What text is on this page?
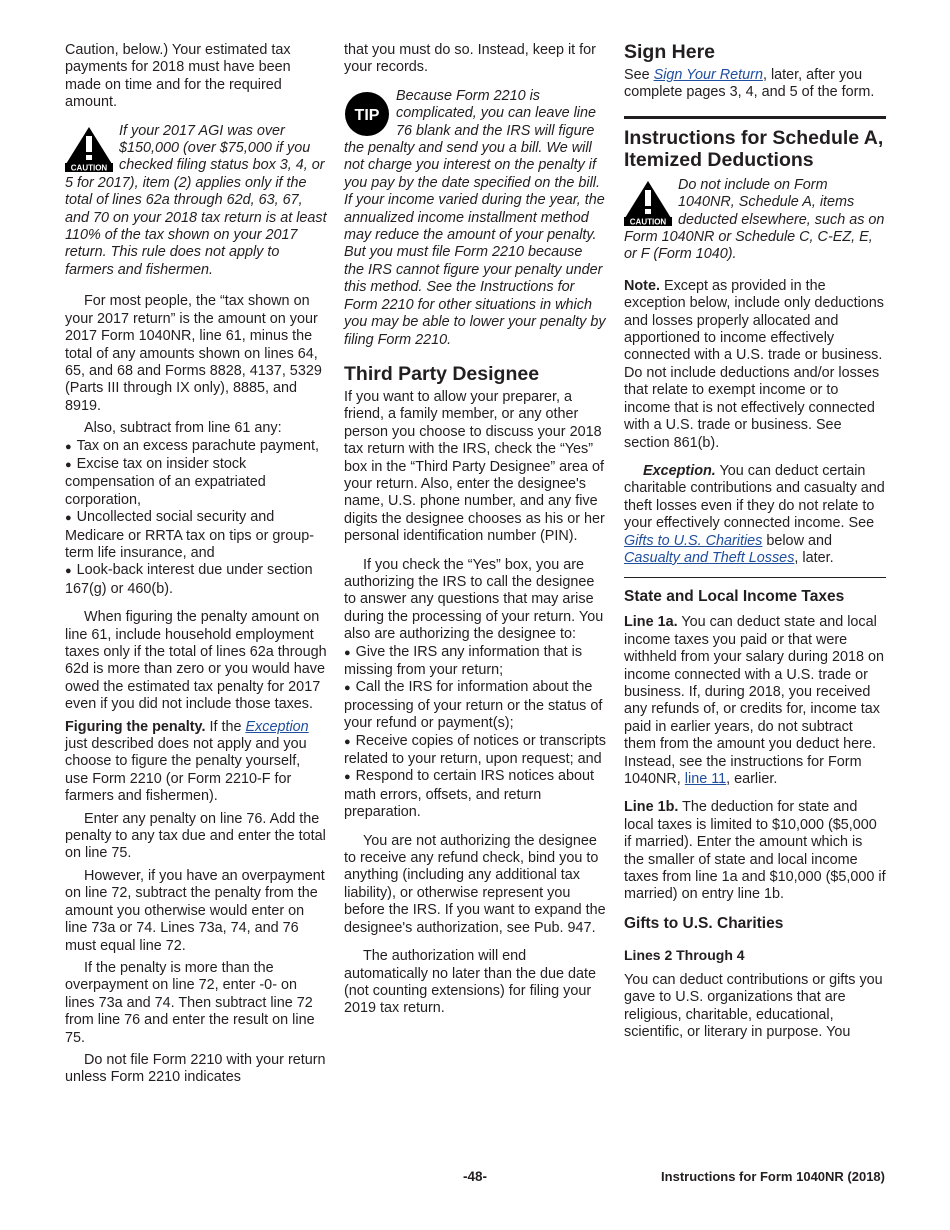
Caution, below.) Your estimated tax payments for 2018 must have been made on time and for the required amount.

CAUTION
If your 2017 AGI was over $150,000 (over $75,000 if you checked filing status box 3, 4, or 5 for 2017), item (2) applies only if the total of lines 62a through 62d, 63, 67, and 70 on your 2018 tax return is at least 110% of the tax shown on your 2017 return. This rule does not apply to farmers and fishermen.

For most people, the “tax shown on your 2017 return” is the amount on your 2017 Form 1040NR, line 61, minus the total of any amounts shown on lines 64, 65, and 68 and Forms 8828, 4137, 5329 (Parts III through IX only), 8885, and 8919.

Also, subtract from line 61 any:

● Tax on an excess parachute payment,
● Excise tax on insider stock compensation of an expatriated corporation,
● Uncollected social security and Medicare or RRTA tax on tips or group-term life insurance, and
● Look-back interest due under section 167(g) or 460(b).

When figuring the penalty amount on line 61, include household employment taxes only if the total of lines 62a through 62d is more than zero or you would have owed the estimated tax penalty for 2017 even if you did not include those taxes.

Figuring the penalty. If the Exception just described does not apply and you choose to figure the penalty yourself, use Form 2210 (or Form 2210-F for farmers and fishermen).

Enter any penalty on line 76. Add the penalty to any tax due and enter the total on line 75.

However, if you have an overpayment on line 72, subtract the penalty from the amount you otherwise would enter on line 73a or 74. Lines 73a, 74, and 76 must equal line 72.

If the penalty is more than the overpayment on line 72, enter -0- on lines 73a and 74. Then subtract line 72 from line 76 and enter the result on line 75.

Do not file Form 2210 with your return unless Form 2210 indicates

that you must do so. Instead, keep it for your records.

TIP
Because Form 2210 is complicated, you can leave line 76 blank and the IRS will figure the penalty and send you a bill. We will not charge you interest on the penalty if you pay by the date specified on the bill. If your income varied during the year, the annualized income installment method may reduce the amount of your penalty. But you must file Form 2210 because the IRS cannot figure your penalty under this method. See the Instructions for Form 2210 for other situations in which you may be able to lower your penalty by filing Form 2210.
Third Party Designee

If you want to allow your preparer, a friend, a family member, or any other person you choose to discuss your 2018 tax return with the IRS, check the “Yes” box in the “Third Party Designee” area of your return. Also, enter the designee's name, U.S. phone number, and any five digits the designee chooses as his or her personal identification number (PIN).

If you check the “Yes” box, you are authorizing the IRS to call the designee to answer any questions that may arise during the processing of your return. You also are authorizing the designee to:

● Give the IRS any information that is missing from your return;
● Call the IRS for information about the processing of your return or the status of your refund or payment(s);
● Receive copies of notices or transcripts related to your return, upon request; and
● Respond to certain IRS notices about math errors, offsets, and return preparation.

You are not authorizing the designee to receive any refund check, bind you to anything (including any additional tax liability), or otherwise represent you before the IRS. If you want to expand the designee's authorization, see Pub. 947.

The authorization will end automatically no later than the due date (not counting extensions) for filing your 2019 tax return.

Sign Here

See Sign Your Return, later, after you complete pages 3, 4, and 5 of the form.

Instructions for Schedule A, Itemized Deductions
CAUTION
Do not include on Form 1040NR, Schedule A, items deducted elsewhere, such as on Form 1040NR or Schedule C, C-EZ, E, or F (Form 1040).

Note. Except as provided in the exception below, include only deductions and losses properly allocated and apportioned to income effectively connected with a U.S. trade or business. Do not include deductions and/or losses that relate to exempt income or to income that is not effectively connected with a U.S. trade or business. See section 861(b).

Exception. You can deduct certain charitable contributions and casualty and theft losses even if they do not relate to your effectively connected income. See Gifts to U.S. Charities below and Casualty and Theft Losses, later.

State and Local Income Taxes

Line 1a. You can deduct state and local income taxes you paid or that were withheld from your salary during 2018 on income connected with a U.S. trade or business. If, during 2018, you received any refunds of, or credits for, income tax paid in earlier years, do not subtract them from the amount you deduct here. Instead, see the instructions for Form 1040NR, line 11, earlier.

Line 1b. The deduction for state and local taxes is limited to $10,000 ($5,000 if married). Enter the amount which is the smaller of state and local income taxes from line 1a and $10,000 ($5,000 if married) on entry line 1b.

Gifts to U.S. Charities
Lines 2 Through 4

You can deduct contributions or gifts you gave to U.S. organizations that are religious, charitable, educational, scientific, or literary in purpose. You

-48-	Instructions for Form 1040NR (2018)
